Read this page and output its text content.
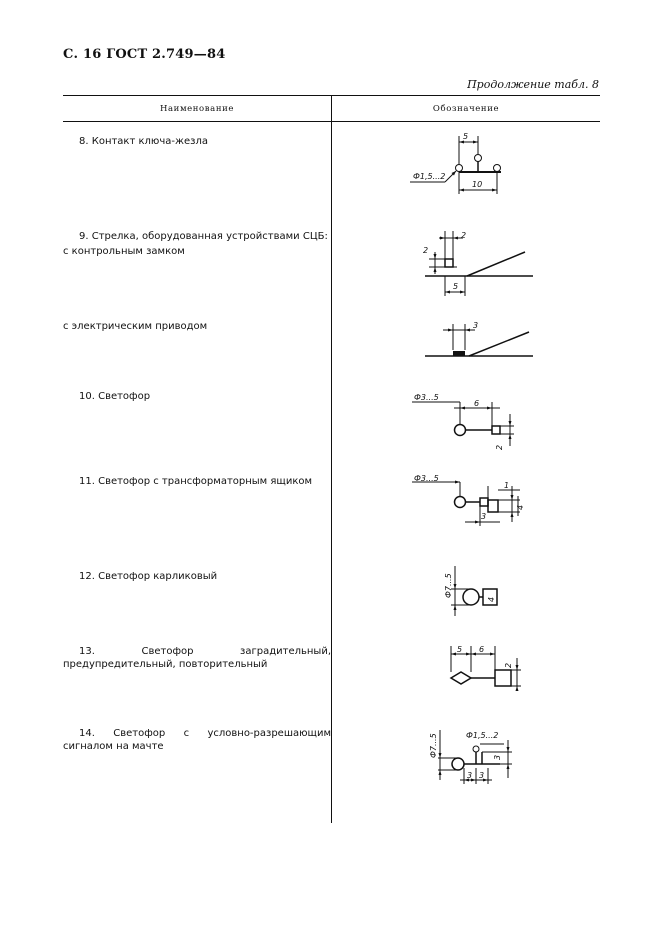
С. 16 ГОСТ 2.749—84
Продолжение табл. 8
Наименование	Обозначение
8. Контакт ключа-жезла	5
Ф1,5...2
10
9. Стрелка, оборудованная устройствами СЦБ:
с контрольным замком
2
2
5
с электрическим приводом	3
10. Светофор	Ф3...5
6
2
11. Светофор с трансформаторным ящиком	Ф3...5
1
4
3
12. Светофор карликовый	Ф7...5
4
13. Светофор заградительный, предупредительный, повторительный
5 6
2
14. Светофор с условно-разрешающим сигналом на мачте	Ф7...5	Ф1,5...2
3
3 3
